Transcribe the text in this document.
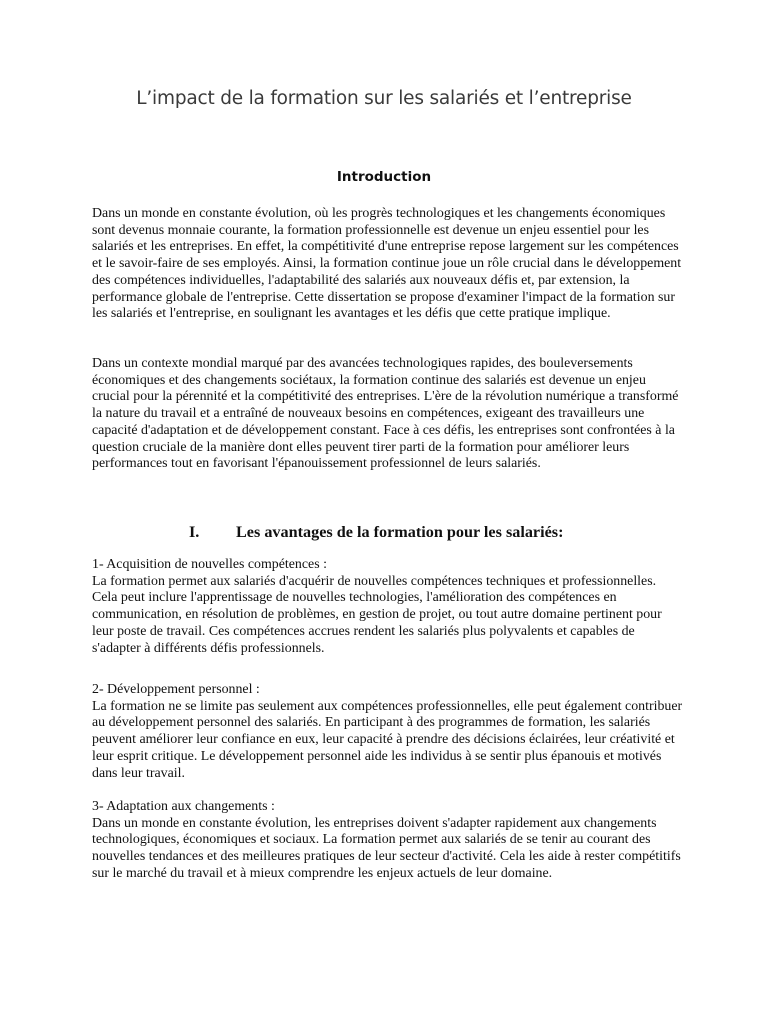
L’impact de la formation sur les salariés et l’entreprise
Introduction

Dans un monde en constante évolution, où les progrès technologiques et les changements économiques sont devenus monnaie courante, la formation professionnelle est devenue un enjeu essentiel pour les salariés et les entreprises. En effet, la compétitivité d'une entreprise repose largement sur les compétences et le savoir-faire de ses employés. Ainsi, la formation continue joue un rôle crucial dans le développement des compétences individuelles, l'adaptabilité des salariés aux nouveaux défis et, par extension, la performance globale de l'entreprise. Cette dissertation se propose d'examiner l'impact de la formation sur les salariés et l'entreprise, en soulignant les avantages et les défis que cette pratique implique.

Dans un contexte mondial marqué par des avancées technologiques rapides, des bouleversements économiques et des changements sociétaux, la formation continue des salariés est devenue un enjeu crucial pour la pérennité et la compétitivité des entreprises. L'ère de la révolution numérique a transformé la nature du travail et a entraîné de nouveaux besoins en compétences, exigeant des travailleurs une capacité d'adaptation et de développement constant. Face à ces défis, les entreprises sont confrontées à la question cruciale de la manière dont elles peuvent tirer parti de la formation pour améliorer leurs performances tout en favorisant l'épanouissement professionnel de leurs salariés.

I. Les avantages de la formation pour les salariés:
1- Acquisition de nouvelles compétences :
La formation permet aux salariés d'acquérir de nouvelles compétences techniques et professionnelles. Cela peut inclure l'apprentissage de nouvelles technologies, l'amélioration des compétences en communication, en résolution de problèmes, en gestion de projet, ou tout autre domaine pertinent pour leur poste de travail. Ces compétences accrues rendent les salariés plus polyvalents et capables de s'adapter à différents défis professionnels.
2- Développement personnel :
La formation ne se limite pas seulement aux compétences professionnelles, elle peut également contribuer au développement personnel des salariés. En participant à des programmes de formation, les salariés peuvent améliorer leur confiance en eux, leur capacité à prendre des décisions éclairées, leur créativité et leur esprit critique. Le développement personnel aide les individus à se sentir plus épanouis et motivés dans leur travail.
3- Adaptation aux changements :
Dans un monde en constante évolution, les entreprises doivent s'adapter rapidement aux changements technologiques, économiques et sociaux. La formation permet aux salariés de se tenir au courant des nouvelles tendances et des meilleures pratiques de leur secteur d'activité. Cela les aide à rester compétitifs sur le marché du travail et à mieux comprendre les enjeux actuels de leur domaine.
